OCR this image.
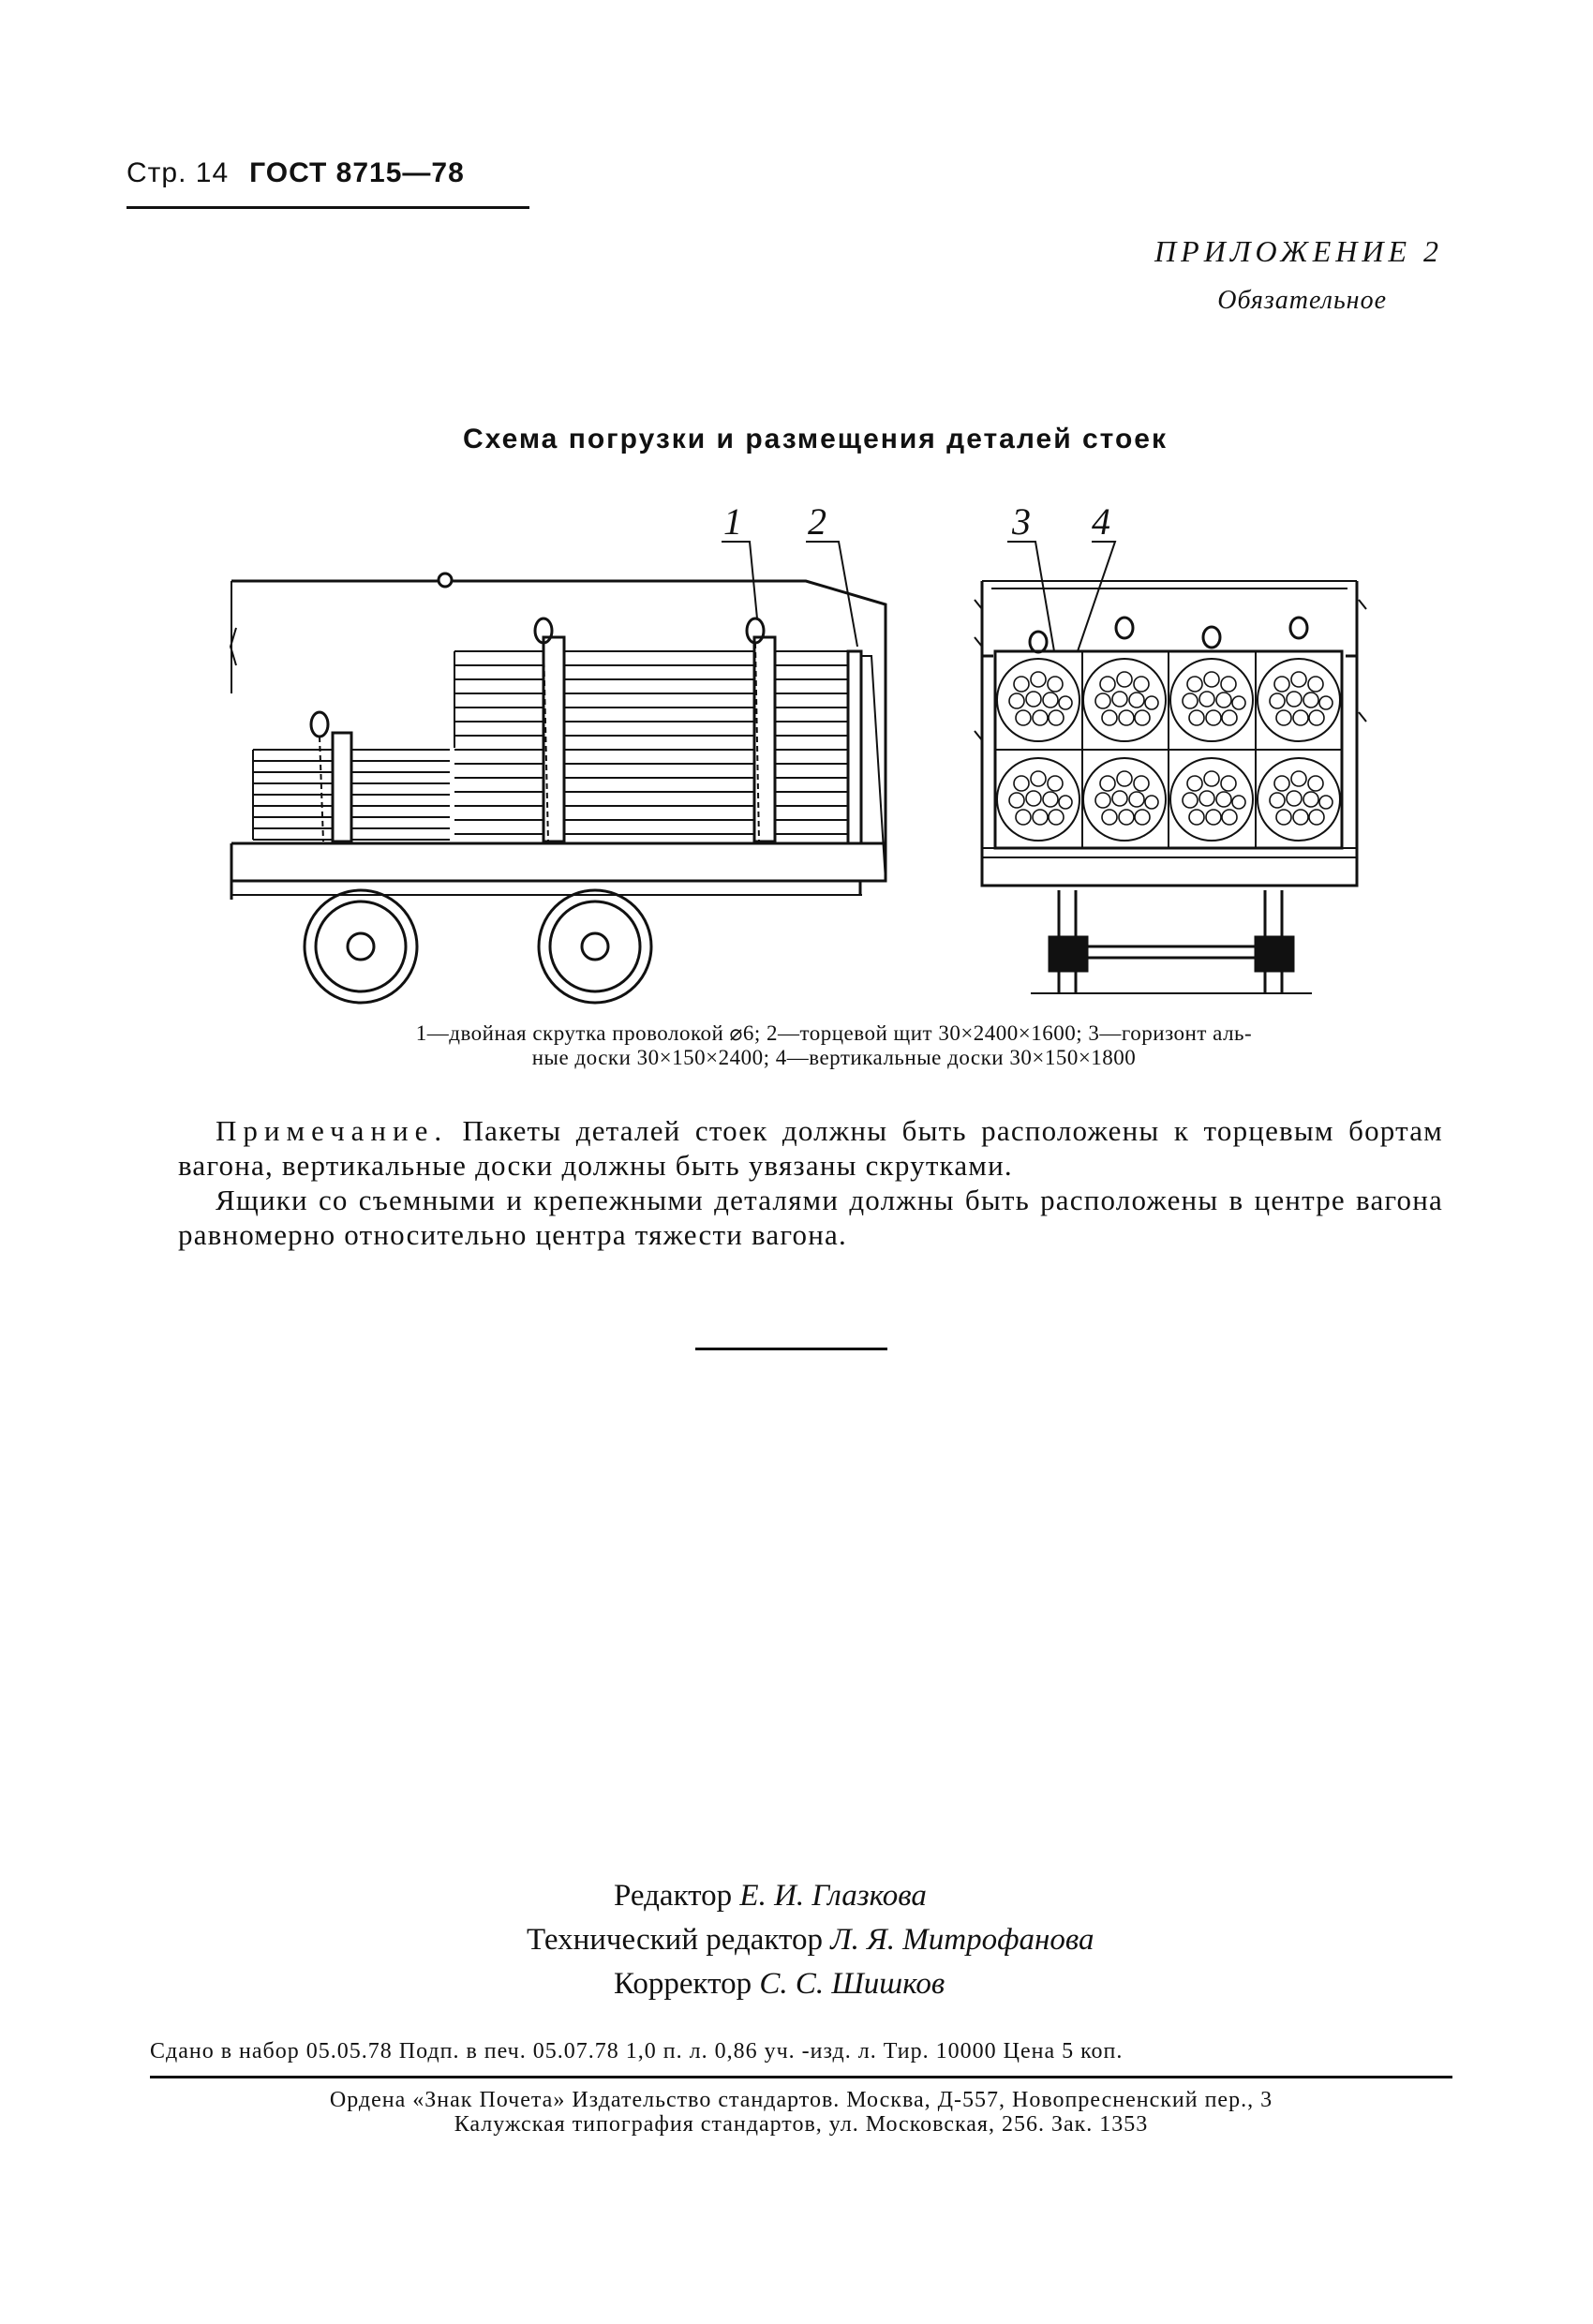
Стр. 14 ГОСТ 8715—78
ПРИЛОЖЕНИЕ 2
Обязательное
Схема погрузки и размещения деталей стоек
1 2	3 4
1—двойная скрутка проволокой ⌀6; 2—торцевой щит 30×2400×1600; 3—горизонт аль-
ные доски 30×150×2400; 4—вертикальные доски 30×150×1800

Примечание. Пакеты деталей стоек должны быть расположены к торцевым бортам вагона, вертикальные доски должны быть увязаны скрутками.

Ящики со съемными и крепежными деталями должны быть расположены в центре вагона равномерно относительно центра тяжести вагона.

Редактор Е. И. Глазкова
Технический редактор Л. Я. Митрофанова
Корректор С. С. Шишков
Сдано в набор 05.05.78 Подп. в печ. 05.07.78 1,0 п. л. 0,86 уч. -изд. л. Тир. 10000 Цена 5 коп.
Ордена «Знак Почета» Издательство стандартов. Москва, Д-557, Новопресненский пер., 3
Калужская типография стандартов, ул. Московская, 256. Зак. 1353
